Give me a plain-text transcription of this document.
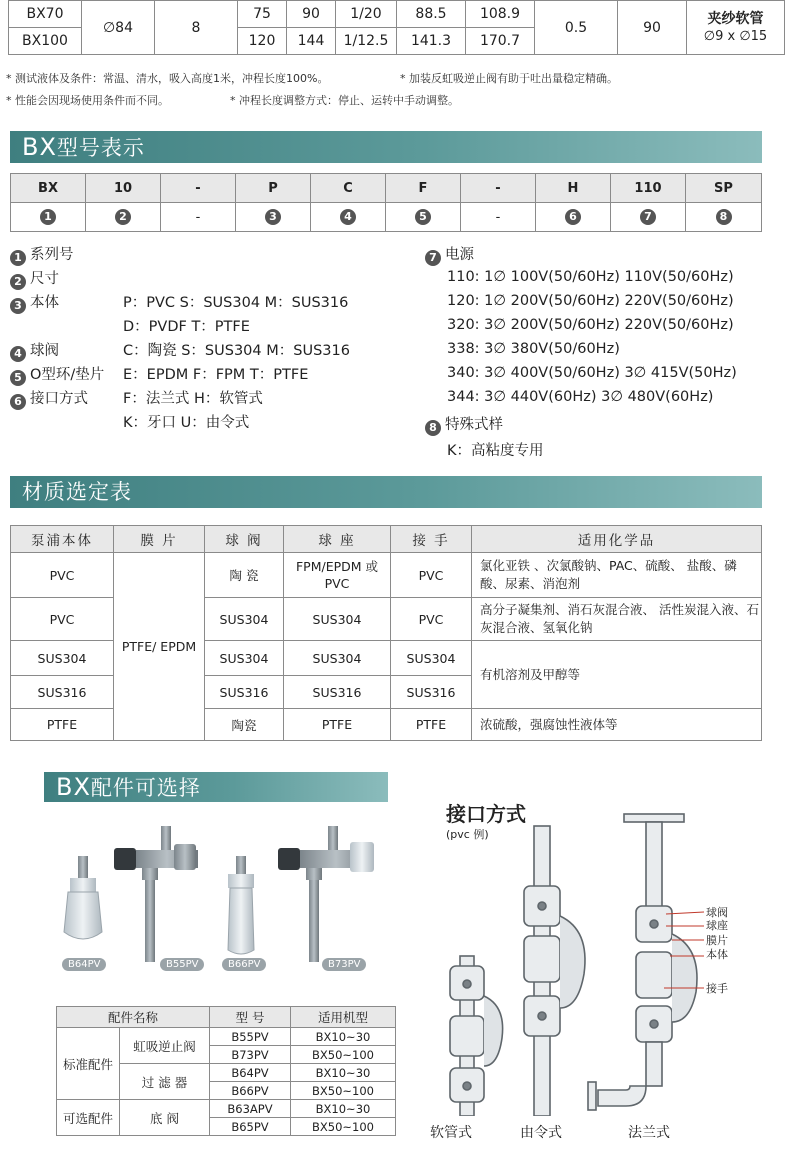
BX70	∅84	8	75	90	1/20	88.5	108.9	0.5	90	夹纱软管
∅9 x ∅15

BX100			120	144	1/12.5	141.3	170.7			
* 测试液体及条件：常温、清水，吸入高度1米，冲程长度100%。	* 加装反虹吸逆止阀有助于吐出量稳定精确。
* 性能会因现场使用条件而不同。	* 冲程长度调整方式：停止、运转中手动调整。
BX型号表示
BX	10	-	P	C	F	-	H	110	SP
1	2	-	3	4	5	-	6	7	8
1 系列号
2 尺寸
3 本体	P：PVC S：SUS304 M：SUS316
D：PVDF T：PTFE
4 球阀	C：陶瓷 S：SUS304 M：SUS316
5 O型环/垫片 E：EPDM F：FPM T：PTFE
6 接口方式 F：法兰式 H：软管式
K：牙口 U：由令式
7 电源
110: 1∅ 100V(50/60Hz) 110V(50/60Hz)
120: 1∅ 200V(50/60Hz) 220V(50/60Hz)
320: 3∅ 200V(50/60Hz) 220V(50/60Hz)
338: 3∅ 380V(50/60Hz)
340: 3∅ 400V(50/60Hz) 3∅ 415V(50Hz)
344: 3∅ 440V(60Hz) 3∅ 480V(60Hz)
8 特殊式样
K：高粘度专用
材质选定表
泵浦本体	膜 片	球 阀	球 座	接 手	适用化学品
PVC	PTFE/ EPDM	陶 瓷	FPM/EPDM 或PVC	PVC	氯化亚铁 、次氯酸钠、PAC、硫酸、 盐酸、磷酸、尿素、消泡剂
PVC		SUS304	SUS304	PVC	高分子凝集剂、消石灰混合液、 活性炭混入液、石灰混合液、氢氧化钠
SUS304		SUS304	SUS304	SUS304	有机溶剂及甲醇等
SUS316		SUS316	SUS316	SUS316	
PTFE		陶瓷	PTFE	PTFE	浓硫酸，强腐蚀性液体等
BX配件可选择
B64PV	B55PV	B66PV	B73PV
配件名称		型 号	适用机型
标准配件	虹吸逆止阀	B55PV	BX10~30
		B73PV	BX50~100
	过 滤 器	B64PV	BX10~30
		B66PV	BX50~100
可选配件	底 阀	B63APV	BX10~30
		B65PV	BX50~100
接口方式
(pvc 例)
球阀
球座
膜片
本体
接手
软管式	由令式	法兰式
